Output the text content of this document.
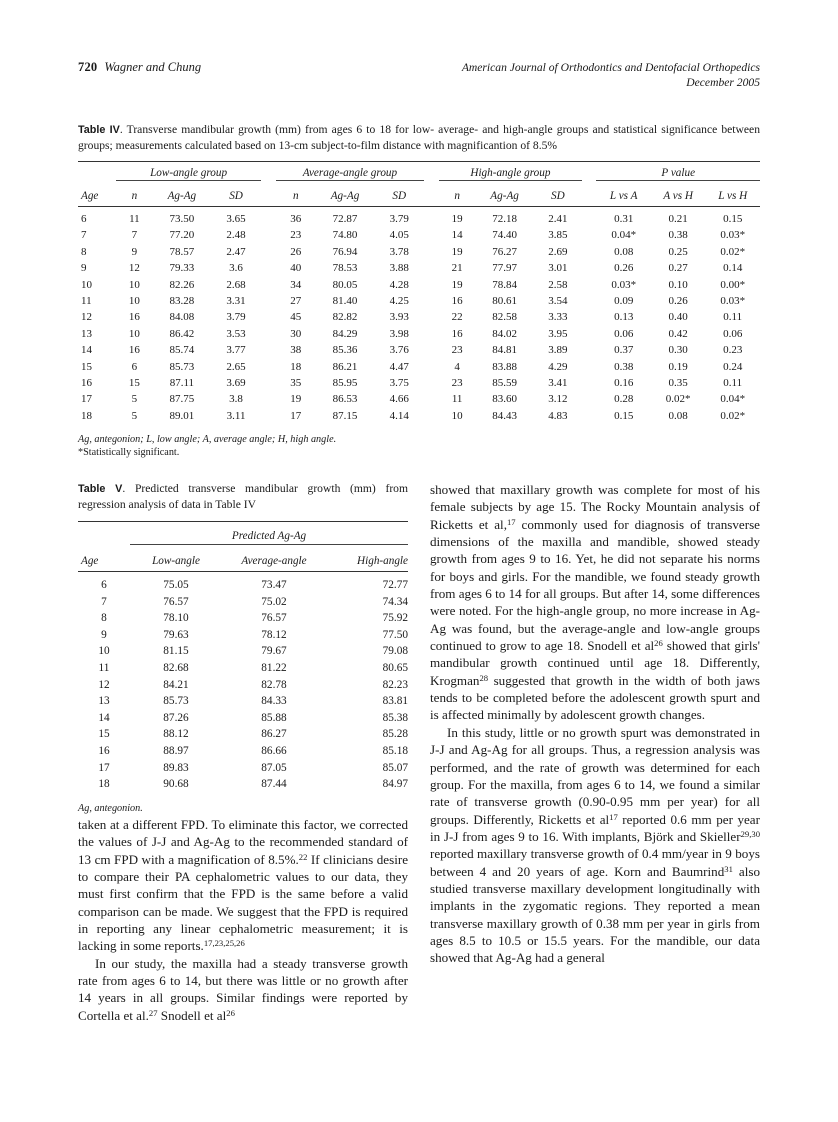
720 Wagner and Chung	American Journal of Orthodontics and Dentofacial Orthopedics
December 2005
Table IV. Transverse mandibular growth (mm) from ages 6 to 18 for low- average- and high-angle groups and statistical significance between groups; measurements calculated based on 13-cm subject-to-film distance with magnificantion of 8.5%
	Low-angle group				Average-angle group				High-angle group				P value		
Age	n	Ag-Ag	SD		n	Ag-Ag	SD		n	Ag-Ag	SD		L vs A	A vs H	L vs H
6	11	73.50	3.65		36	72.87	3.79		19	72.18	2.41		0.31	0.21	0.15
7	7	77.20	2.48		23	74.80	4.05		14	74.40	3.85		0.04*	0.38	0.03*
8	9	78.57	2.47		26	76.94	3.78		19	76.27	2.69		0.08	0.25	0.02*
9	12	79.33	3.6		40	78.53	3.88		21	77.97	3.01		0.26	0.27	0.14
10	10	82.26	2.68		34	80.05	4.28		19	78.84	2.58		0.03*	0.10	0.00*
11	10	83.28	3.31		27	81.40	4.25		16	80.61	3.54		0.09	0.26	0.03*
12	16	84.08	3.79		45	82.82	3.93		22	82.58	3.33		0.13	0.40	0.11
13	10	86.42	3.53		30	84.29	3.98		16	84.02	3.95		0.06	0.42	0.06
14	16	85.74	3.77		38	85.36	3.76		23	84.81	3.89		0.37	0.30	0.23
15	6	85.73	2.65		18	86.21	4.47		4	83.88	4.29		0.38	0.19	0.24
16	15	87.11	3.69		35	85.95	3.75		23	85.59	3.41		0.16	0.35	0.11
17	5	87.75	3.8		19	86.53	4.66		11	83.60	3.12		0.28	0.02*	0.04*
18	5	89.01	3.11		17	87.15	4.14		10	84.43	4.83		0.15	0.08	0.02*
Ag, antegonion; L, low angle; A, average angle; H, high angle.
*Statistically significant.
Table V. Predicted transverse mandibular growth (mm) from regression analysis of data in Table IV
	Predicted Ag-Ag		
Age	Low-angle	Average-angle	High-angle
6	75.05	73.47	72.77
7	76.57	75.02	74.34
8	78.10	76.57	75.92
9	79.63	78.12	77.50
10	81.15	79.67	79.08
11	82.68	81.22	80.65
12	84.21	82.78	82.23
13	85.73	84.33	83.81
14	87.26	85.88	85.38
15	88.12	86.27	85.28
16	88.97	86.66	85.18
17	89.83	87.05	85.07
18	90.68	87.44	84.97
Ag, antegonion.

taken at a different FPD. To eliminate this factor, we corrected the values of J-J and Ag-Ag to the recommended standard of 13 cm FPD with a magnification of 8.5%.$^{22}$ If clinicians desire to compare their PA cephalometric values to our data, they must first confirm that the FPD is the same before a valid comparison can be made. We suggest that the FPD is required in reporting any linear cephalometric measurement; it is lacking in some reports.$^{17,23,25,26}$

In our study, the maxilla had a steady transverse growth rate from ages 6 to 14, but there was little or no growth after 14 years in all groups. Similar findings were reported by Cortella et al.$^{27}$ Snodell et $al^{26}$

showed that maxillary growth was complete for most of his female subjects by age 15. The Rocky Mountain analysis of Ricketts et al,$^{17}$ commonly used for diagnosis of transverse dimensions of the maxilla and mandible, showed steady growth from ages 9 to 16. Yet, he did not separate his norms for boys and girls. For the mandible, we found steady growth from ages 6 to 14 for all groups. But after 14, some differences were noted. For the high-angle group, no more increase in Ag-Ag was found, but the average-angle and low-angle groups continued to grow to age 18. Snodell et $al^{26}$ showed that girls' mandibular growth continued until age 18. Differently, Krogman$^{28}$ suggested that growth in the width of both jaws tends to be completed before the adolescent growth spurt and is affected minimally by adolescent growth changes.

In this study, little or no growth spurt was demonstrated in J-J and Ag-Ag for all groups. Thus, a regression analysis was performed, and the rate of growth was determined for each group. For the maxilla, from ages 6 to 14, we found a similar rate of transverse growth (0.90-0.95 mm per year) for all groups. Differently, Ricketts et $al^{17}$ reported 0.6 mm per year in J-J from ages 9 to 16. With implants, Björk and Skieller$^{29,30}$ reported maxillary transverse growth of 0.4 mm/year in 9 boys between 4 and 20 years of age. Korn and Baumrind$^{31}$ also studied transverse maxillary development longitudinally with implants in the zygomatic regions. They reported a mean transverse maxillary growth of 0.38 mm per year in girls from ages 8.5 to 10.5 or 15.5 years. For the mandible, our data showed that Ag-Ag had a general
